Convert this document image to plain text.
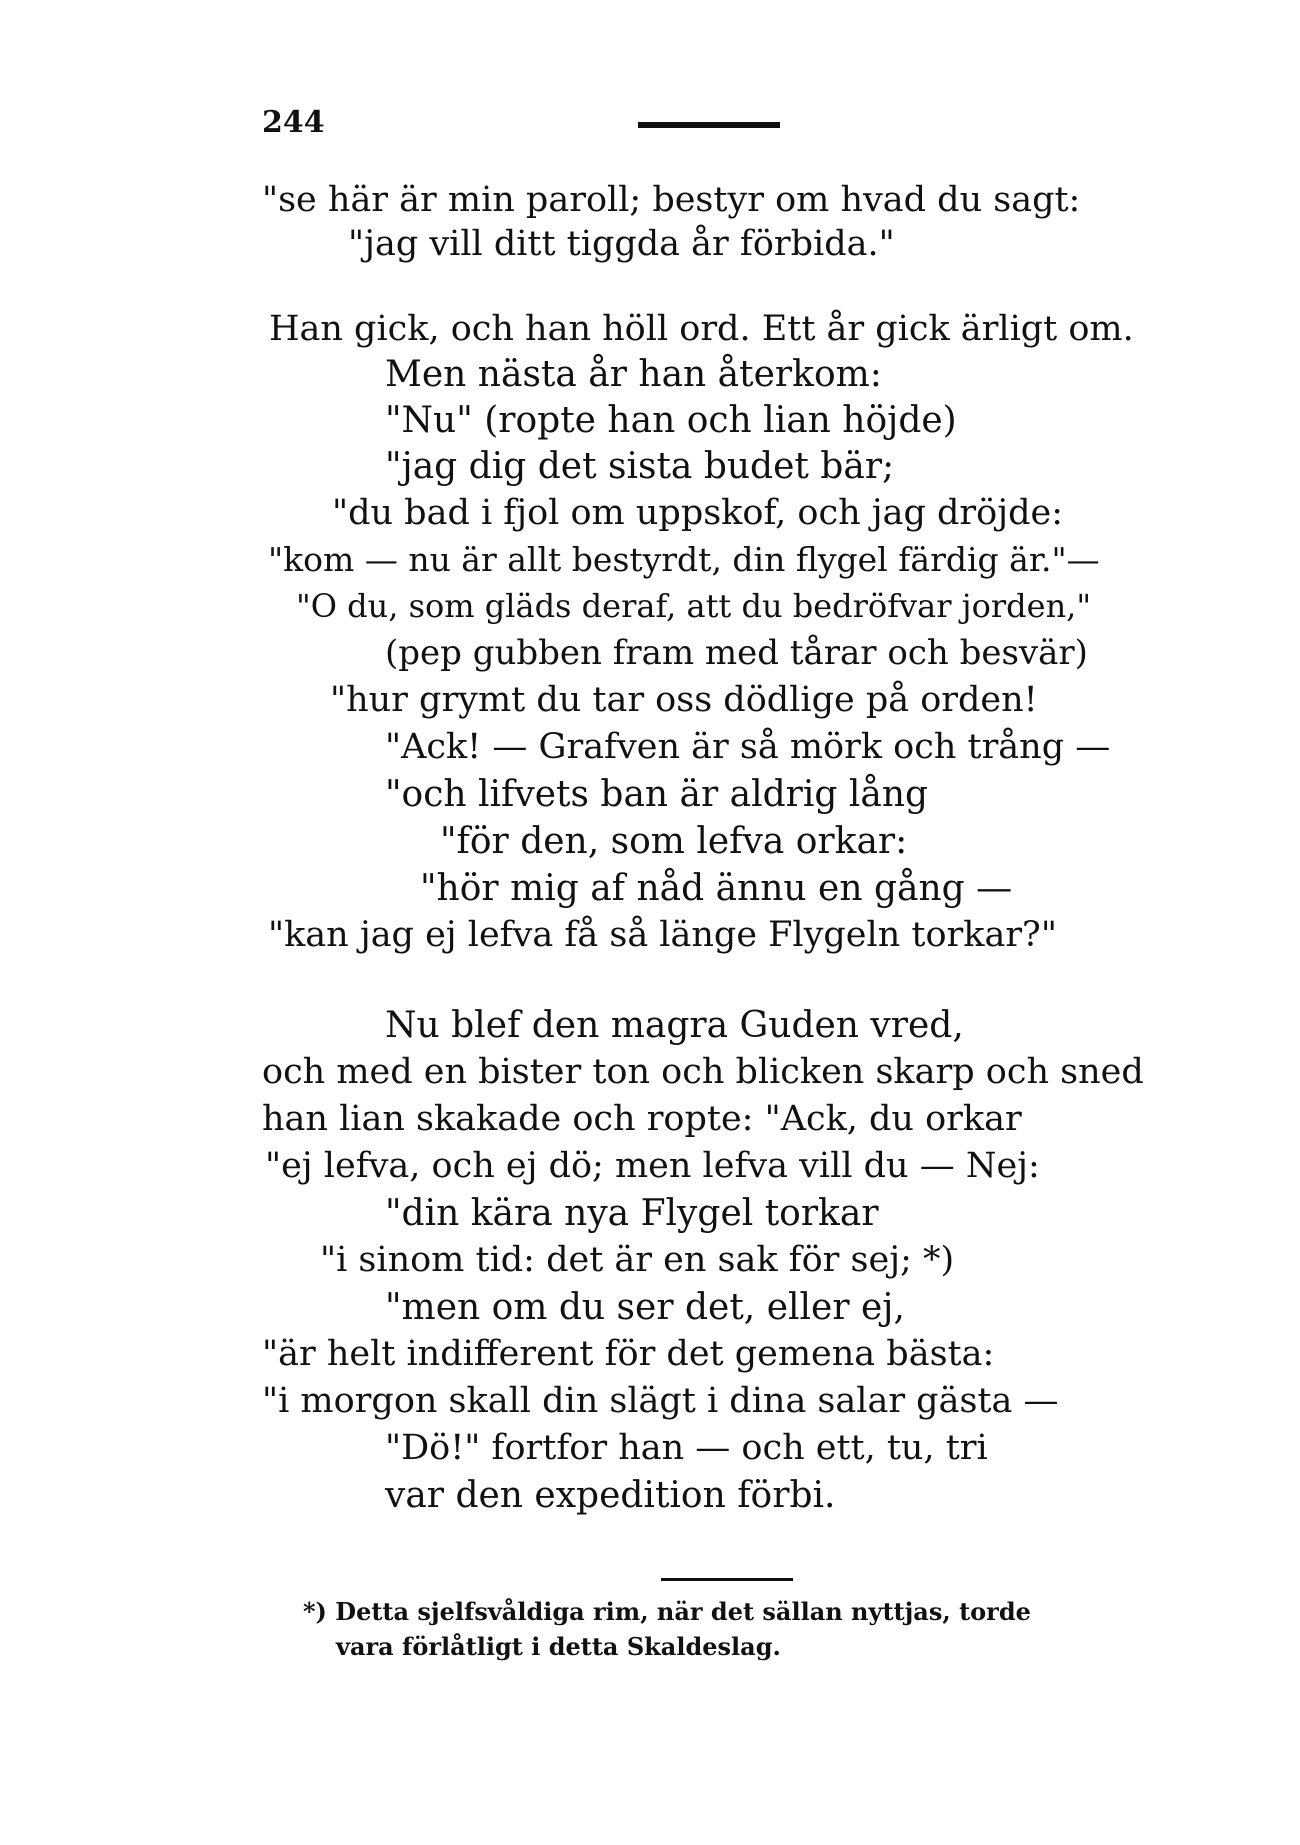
244
"se här är min paroll; bestyr om hvad du sagt:
"jag vill ditt tiggda år förbida."
Han gick, och han höll ord. Ett år gick ärligt om.
Men nästa år han återkom:
"Nu" (ropte han och lian höjde)
"jag dig det sista budet bär;
"du bad i fjol om uppskof, och jag dröjde:
"kom — nu är allt bestyrdt, din flygel färdig är."—
"O du, som gläds deraf, att du bedröfvar jorden,"
(pep gubben fram med tårar och besvär)
"hur grymt du tar oss dödlige på orden!
"Ack! — Grafven är så mörk och trång —
"och lifvets ban är aldrig lång
"för den, som lefva orkar:
"hör mig af nåd ännu en gång —
"kan jag ej lefva få så länge Flygeln torkar?"
Nu blef den magra Guden vred,
och med en bister ton och blicken skarp och sned
han lian skakade och ropte: "Ack, du orkar
"ej lefva, och ej dö; men lefva vill du — Nej:
"din kära nya Flygel torkar
"i sinom tid: det är en sak för sej; *)
"men om du ser det, eller ej,
"är helt indifferent för det gemena bästa:
"i morgon skall din slägt i dina salar gästa —
"Dö!" fortfor han — och ett, tu, tri
var den expedition förbi.
*) Detta sjelfsvåldiga rim, när det sällan nyttjas, torde
vara förlåtligt i detta Skaldeslag.
